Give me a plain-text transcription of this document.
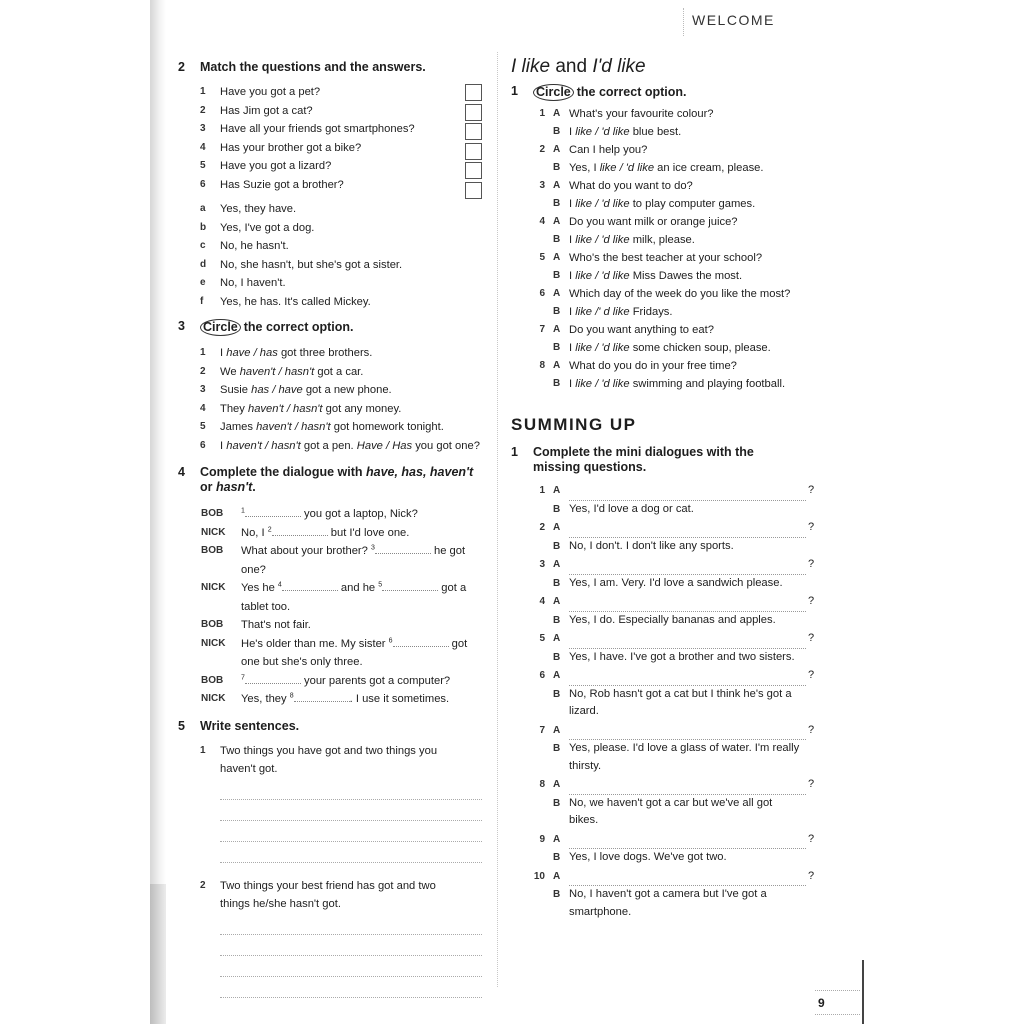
WELCOME
2	Match the questions and the answers.
1	Have you got a pet?
2	Has Jim got a cat?
3	Have all your friends got smartphones?
4	Has your brother got a bike?
5	Have you got a lizard?
6	Has Suzie got a brother?
a	Yes, they have.
b	Yes, I've got a dog.
c	No, he hasn't.
d	No, she hasn't, but she's got a sister.
e	No, I haven't.
f	Yes, he has. It's called Mickey.
3	Circle the correct option.
1	I have / has got three brothers.
2	We haven't / hasn't got a car.
3	Susie has / have got a new phone.
4	They haven't / hasn't got any money.
5	James haven't / hasn't got homework tonight.
6	I haven't / hasn't got a pen. Have / Has you got one?
4	Complete the dialogue with have, has, haven't or hasn't.
BOB	$^1$	you got a laptop, Nick?
NICK	No, I $^2$	but I'd love one.
BOB	What about your brother? $^3$	he got one?
NICK	Yes he $^4$	and he $^5$	got a tablet too.
BOB	That's not fair.
NICK	He's older than me. My sister $^6$	got one but she's only three.
BOB	$^7$	your parents got a computer?
NICK	Yes, they $^8$	. I use it sometimes.
5	Write sentences.
1	Two things you have got and two things you haven't got.
2	Two things your best friend has got and two things he/she hasn't got.
I like and I'd like
1	Circle the correct option.
1 A What's your favourite colour?
B I like / 'd like blue best.
2 A Can I help you?
B Yes, I like / 'd like an ice cream, please.
3 A What do you want to do?
B I like / 'd like to play computer games.
4 A Do you want milk or orange juice?
B I like / 'd like milk, please.
5 A Who's the best teacher at your school?
B I like / 'd like Miss Dawes the most.
6 A Which day of the week do you like the most?
B I like /' d like Fridays.
7 A Do you want anything to eat?
B I like / 'd like some chicken soup, please.
8 A What do you do in your free time?
B I like / 'd like swimming and playing football.
SUMMING UP
1	Complete the mini dialogues with the missing questions.
1 A	?
B Yes, I'd love a dog or cat.
2 A	?
B No, I don't. I don't like any sports.
3 A	?
B Yes, I am. Very. I'd love a sandwich please.
4 A	?
B Yes, I do. Especially bananas and apples.
5 A	?
B Yes, I have. I've got a brother and two sisters.
6 A	?
B No, Rob hasn't got a cat but I think he's got a lizard.
7 A	?
B Yes, please. I'd love a glass of water. I'm really thirsty.
8 A	?
B No, we haven't got a car but we've all got bikes.
9 A	?
B Yes, I love dogs. We've got two.
10 A	?
B No, I haven't got a camera but I've got a smartphone.
9
